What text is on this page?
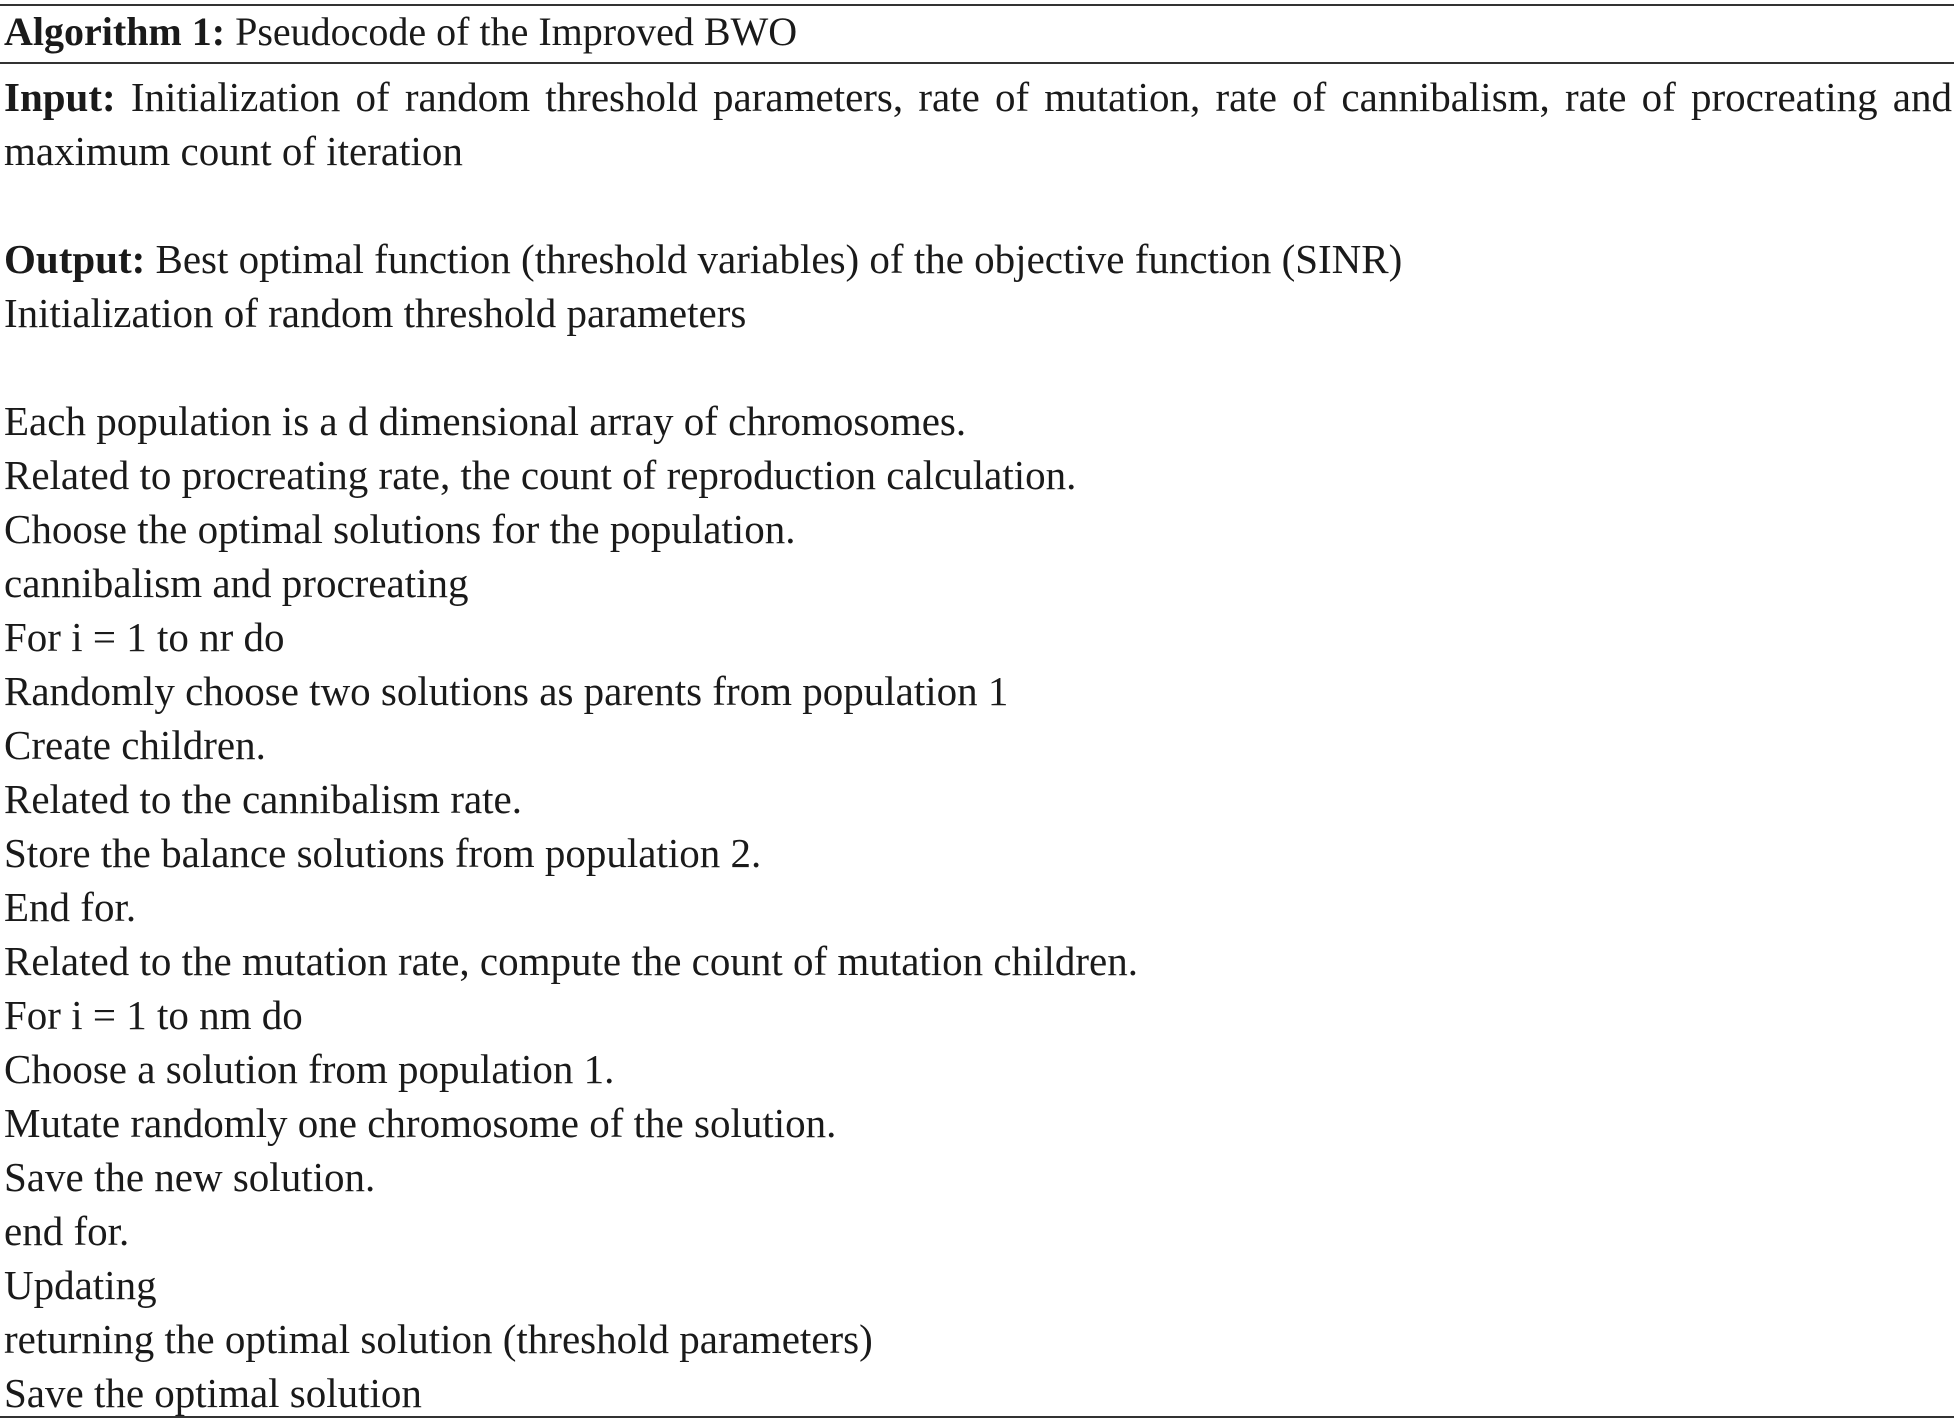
Algorithm 1: Pseudocode of the Improved BWO
Input: Initialization of random threshold parameters, rate of mutation, rate of cannibalism, rate of procreating and maximum count of iteration
Output: Best optimal function (threshold variables) of the objective function (SINR)
Initialization of random threshold parameters
Each population is a d dimensional array of chromosomes.
Related to procreating rate, the count of reproduction calculation.
Choose the optimal solutions for the population.
cannibalism and procreating
For i = 1 to nr do
Randomly choose two solutions as parents from population 1
Create children.
Related to the cannibalism rate.
Store the balance solutions from population 2.
End for.
Related to the mutation rate, compute the count of mutation children.
For i = 1 to nm do
Choose a solution from population 1.
Mutate randomly one chromosome of the solution.
Save the new solution.
end for.
Updating
returning the optimal solution (threshold parameters)
Save the optimal solution
